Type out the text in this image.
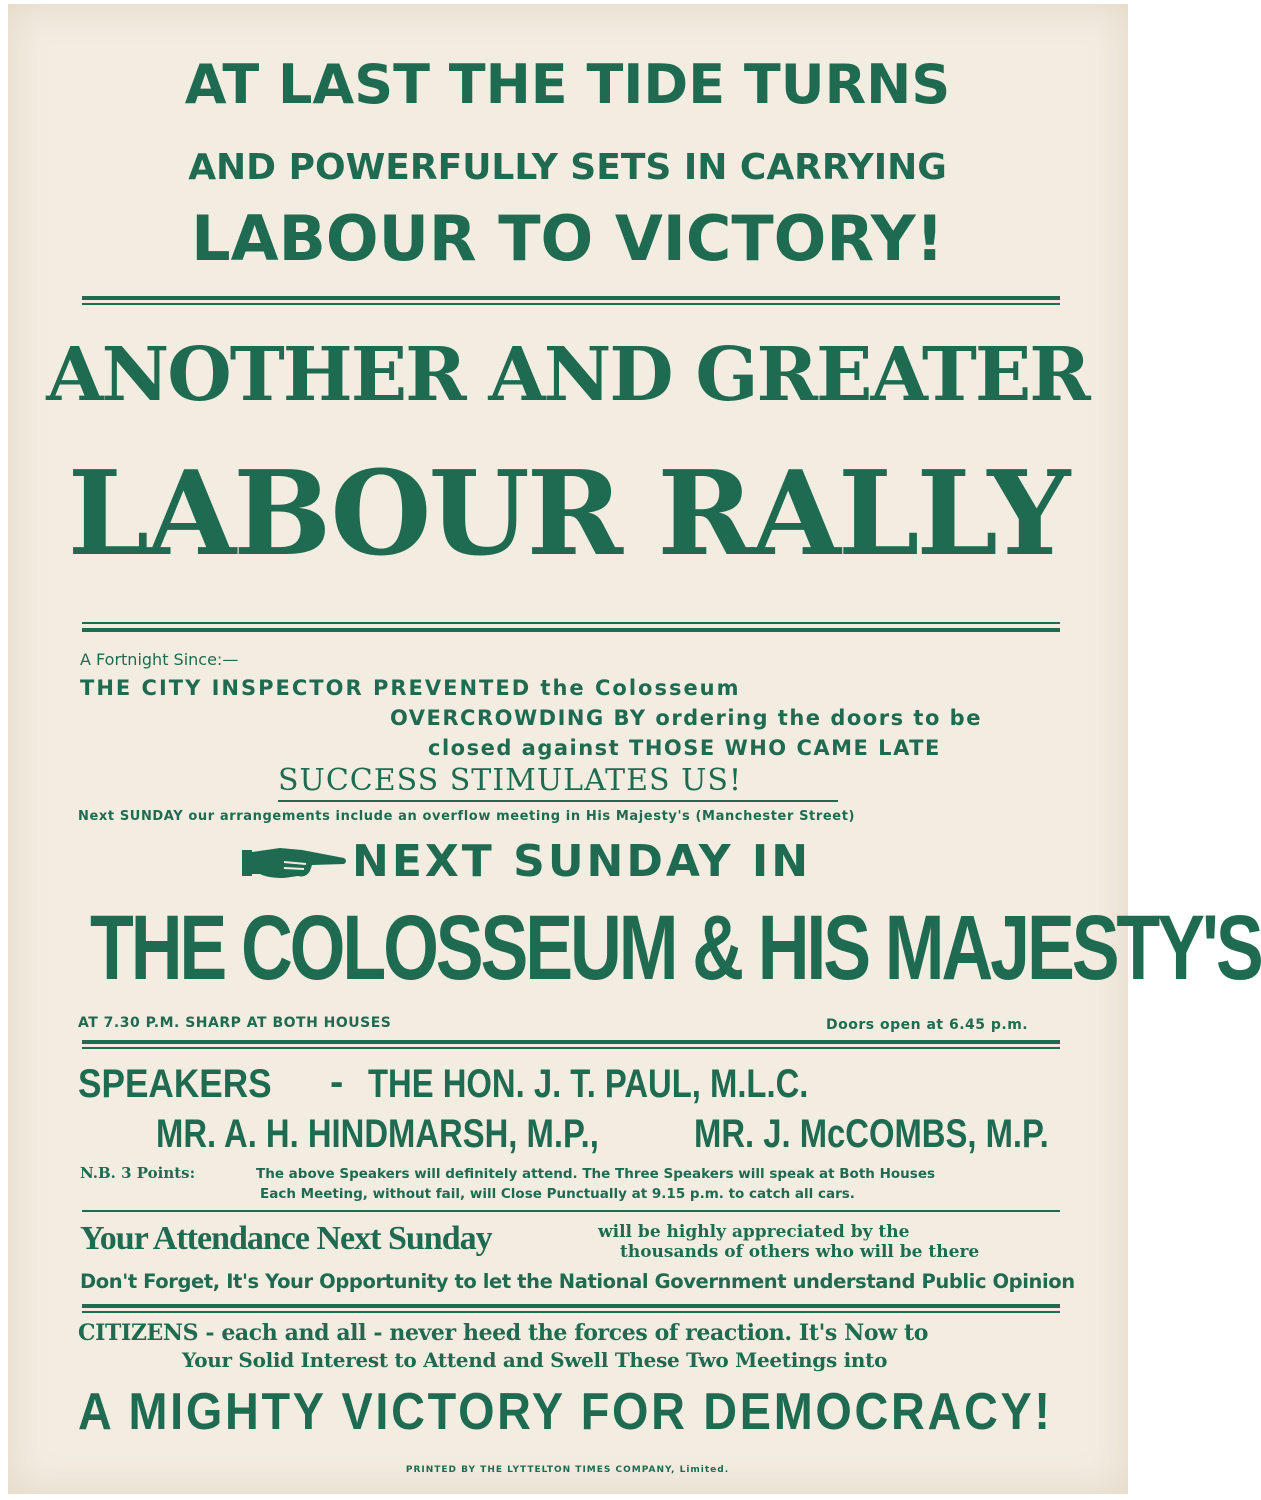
AT LAST THE TIDE TURNS
AND POWERFULLY SETS IN CARRYING
LABOUR TO VICTORY!
ANOTHER AND GREATER
LABOUR RALLY
A Fortnight Since:—
THE CITY INSPECTOR PREVENTED the Colosseum
OVERCROWDING BY ordering the doors to be
closed against THOSE WHO CAME LATE
SUCCESS STIMULATES US!
Next SUNDAY our arrangements include an overflow meeting in His Majesty's (Manchester Street)
NEXT SUNDAY IN
THE COLOSSEUM & HIS MAJESTY'S
AT 7.30 P.M. SHARP AT BOTH HOUSES	Doors open at 6.45 p.m.
SPEAKERS - THE HON. J. T. PAUL, M.L.C.
MR. A. H. HINDMARSH, M.P., MR. J. McCOMBS, M.P.
N.B. 3 Points:	The above Speakers will definitely attend. The Three Speakers will speak at Both Houses
Each Meeting, without fail, will Close Punctually at 9.15 p.m. to catch all cars.
Your Attendance Next Sunday	will be highly appreciated by the
thousands of others who will be there
Don't Forget, It's Your Opportunity to let the National Government understand Public Opinion
CITIZENS - each and all - never heed the forces of reaction. It's Now to
Your Solid Interest to Attend and Swell These Two Meetings into
A MIGHTY VICTORY FOR DEMOCRACY!
PRINTED BY THE LYTTELTON TIMES COMPANY, Limited.
